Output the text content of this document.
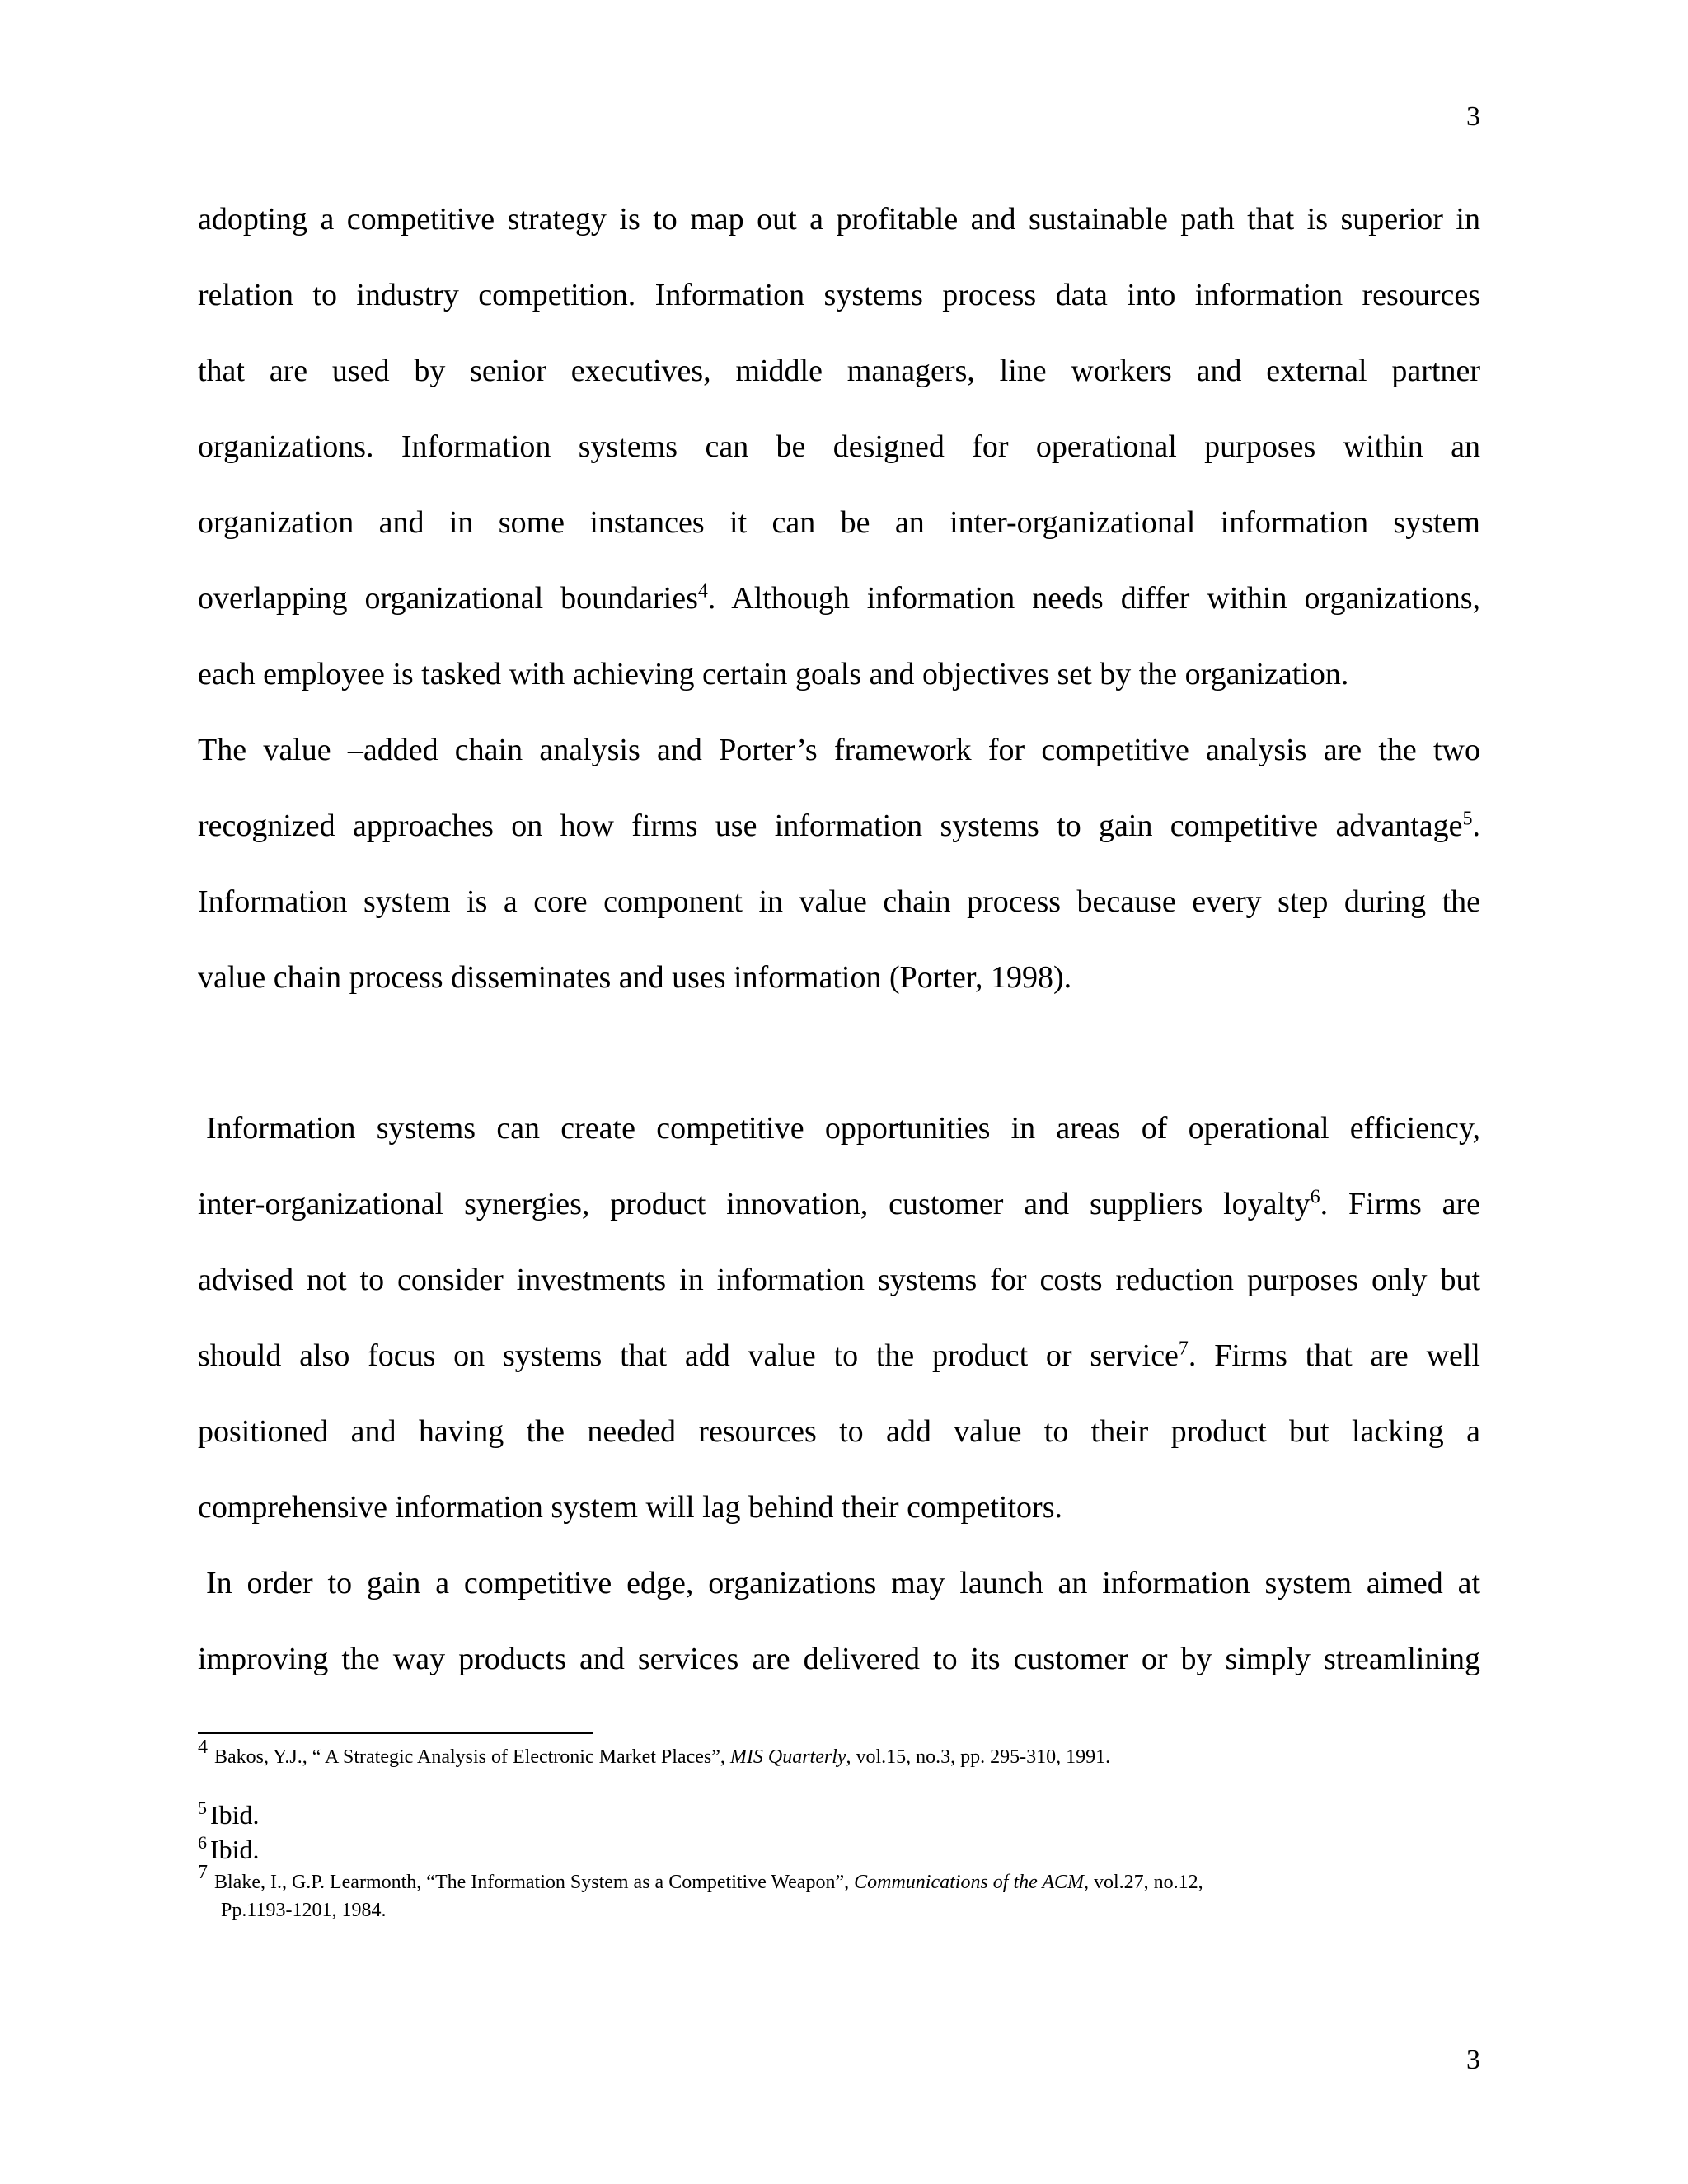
3
adopting a competitive strategy is to map out a profitable and sustainable path that is superior in
relation to industry competition. Information systems process data into information resources
that are used by senior executives, middle managers, line workers and external partner
organizations. Information systems can be designed for operational purposes within an
organization and in some instances it can be an inter-organizational information system
overlapping organizational boundaries$^4$. Although information needs differ within organizations,
each employee is tasked with achieving certain goals and objectives set by the organization.
The value –added chain analysis and Porter’s framework for competitive analysis are the two
recognized approaches on how firms use information systems to gain competitive advantage$^5$.
Information system is a core component in value chain process because every step during the
value chain process disseminates and uses information (Porter, 1998).
Information systems can create competitive opportunities in areas of operational efficiency,
inter-organizational synergies, product innovation, customer and suppliers loyalty$^6$. Firms are
advised not to consider investments in information systems for costs reduction purposes only but
should also focus on systems that add value to the product or service$^7$. Firms that are well
positioned and having the needed resources to add value to their product but lacking a
comprehensive information system will lag behind their competitors.
In order to gain a competitive edge, organizations may launch an information system aimed at
improving the way products and services are delivered to its customer or by simply streamlining
4 Bakos, Y.J., “ A Strategic Analysis of Electronic Market Places”, MIS Quarterly, vol.15, no.3, pp. 295-310, 1991.
$^5$ Ibid.
$^6$ Ibid.
7 Blake, I., G.P. Learmonth, “The Information System as a Competitive Weapon”, Communications of the ACM, vol.27, no.12,
Pp.1193-1201, 1984.
3
